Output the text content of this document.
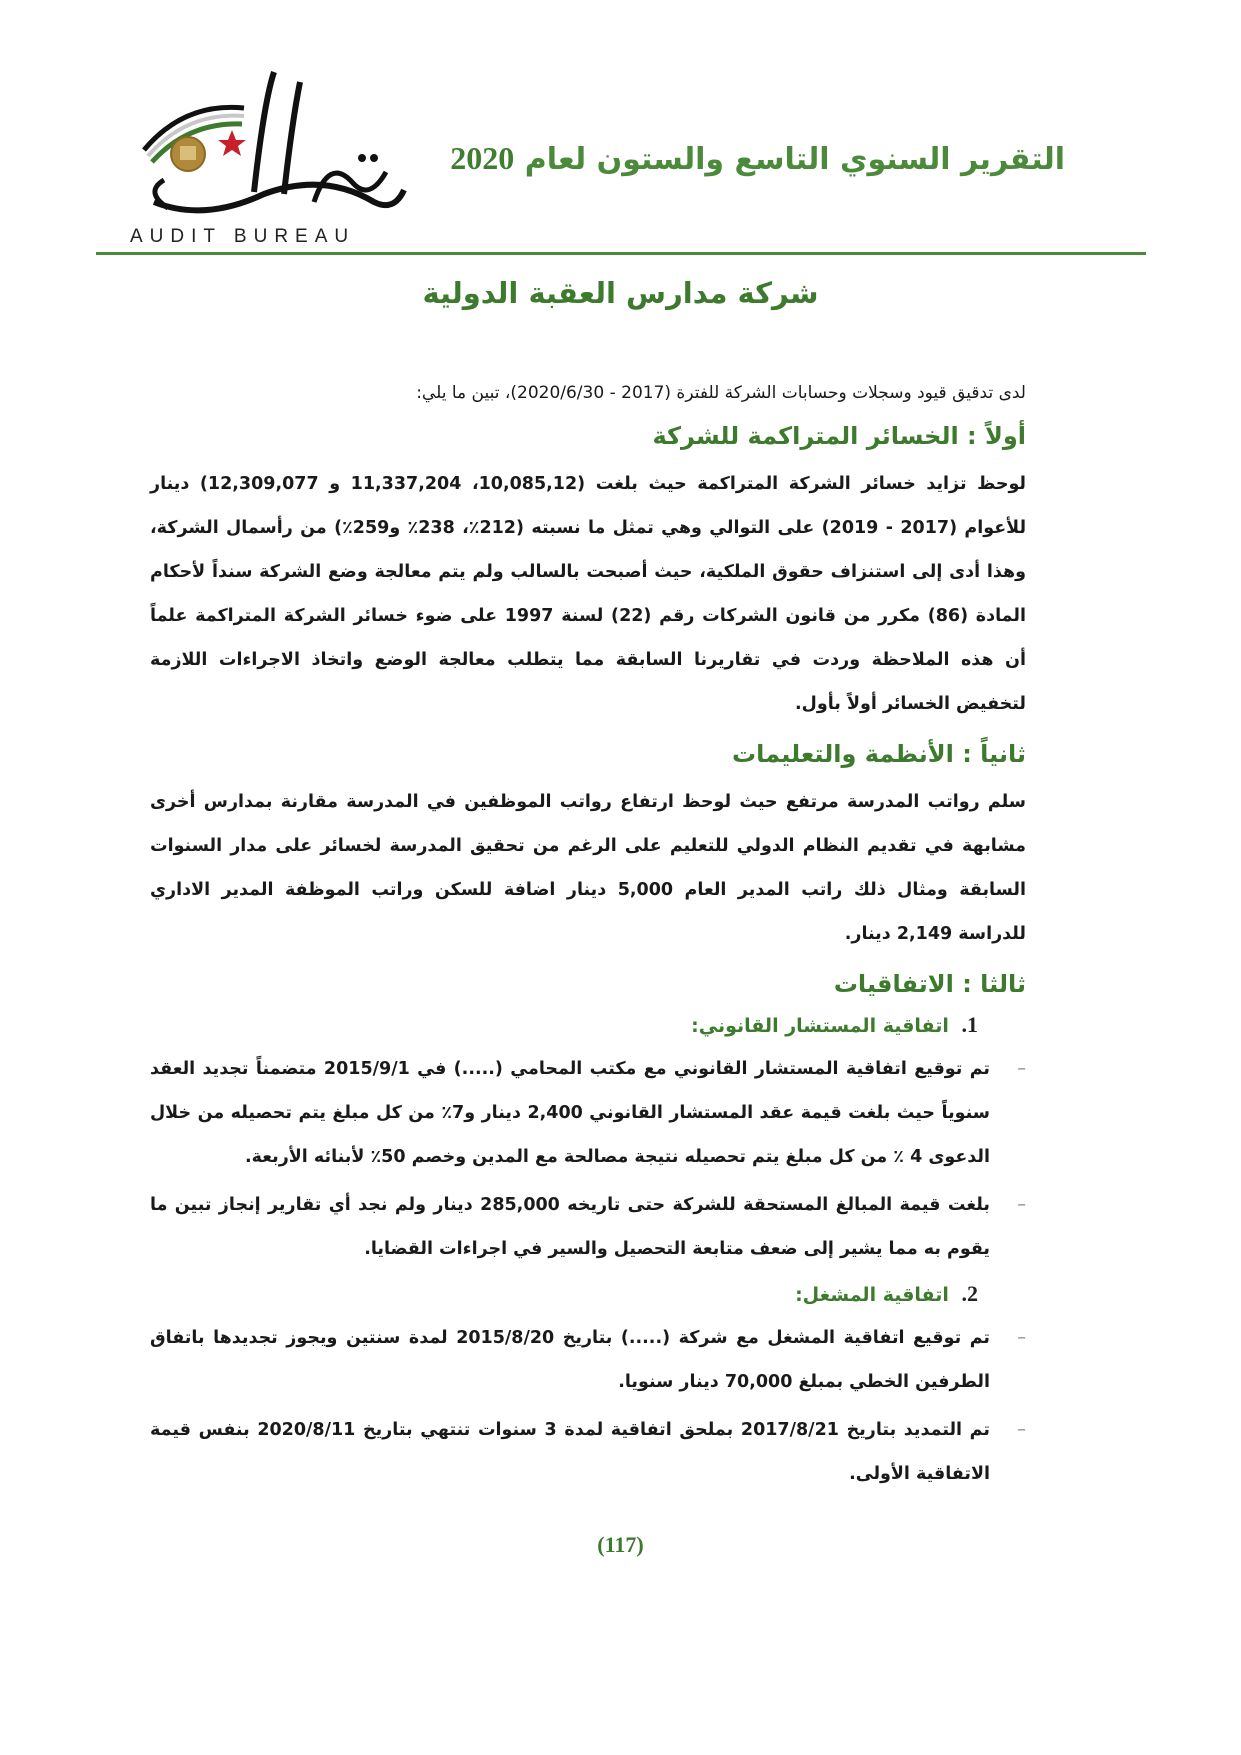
AUDIT BUREAU

التقرير السنوي التاسع والستون لعام 2020

شركة مدارس العقبة الدولية

لدى تدقيق قيود وسجلات وحسابات الشركة للفترة (2017 - 2020/6/30)، تبين ما يلي:

أولاً : الخسائر المتراكمة للشركة

لوحظ تزايد خسائر الشركة المتراكمة حيث بلغت (10,085,12، 11,337,204 و 12,309,077) دينار للأعوام (2017 - 2019) على التوالي وهي تمثل ما نسبته (212٪، 238٪ و259٪) من رأسمال الشركة، وهذا أدى إلى استنزاف حقوق الملكية، حيث أصبحت بالسالب ولم يتم معالجة وضع الشركة سنداً لأحكام المادة (86) مكرر من قانون الشركات رقم (22) لسنة 1997 على ضوء خسائر الشركة المتراكمة علماً أن هذه الملاحظة وردت في تقاريرنا السابقة مما يتطلب معالجة الوضع واتخاذ الاجراءات اللازمة لتخفيض الخسائر أولاً بأول.

ثانياً : الأنظمة والتعليمات

سلم رواتب المدرسة مرتفع حيث لوحظ ارتفاع رواتب الموظفين في المدرسة مقارنة بمدارس أخرى مشابهة في تقديم النظام الدولي للتعليم على الرغم من تحقيق المدرسة لخسائر على مدار السنوات السابقة ومثال ذلك راتب المدير العام 5,000 دينار اضافة للسكن وراتب الموظفة المدير الاداري للدراسة 2,149 دينار.

ثالثا : الاتفاقيات
1. اتفاقية المستشار القانوني:
– تم توقيع اتفاقية المستشار القانوني مع مكتب المحامي (.....) في 2015/9/1 متضمناً تجديد العقد سنوياً حيث بلغت قيمة عقد المستشار القانوني 2,400 دينار و7٪ من كل مبلغ يتم تحصيله من خلال الدعوى 4 ٪ من كل مبلغ يتم تحصيله نتيجة مصالحة مع المدين وخصم 50٪ لأبنائه الأربعة.
– بلغت قيمة المبالغ المستحقة للشركة حتى تاريخه 285,000 دينار ولم نجد أي تقارير إنجاز تبين ما يقوم به مما يشير إلى ضعف متابعة التحصيل والسير في اجراءات القضايا.
2. اتفاقية المشغل:
– تم توقيع اتفاقية المشغل مع شركة (.....) بتاريخ 2015/8/20 لمدة سنتين ويجوز تجديدها باتفاق الطرفين الخطي بمبلغ 70,000 دينار سنويا.
– تم التمديد بتاريخ 2017/8/21 بملحق اتفاقية لمدة 3 سنوات تنتهي بتاريخ 2020/8/11 بنفس قيمة الاتفاقية الأولى.

(117)
